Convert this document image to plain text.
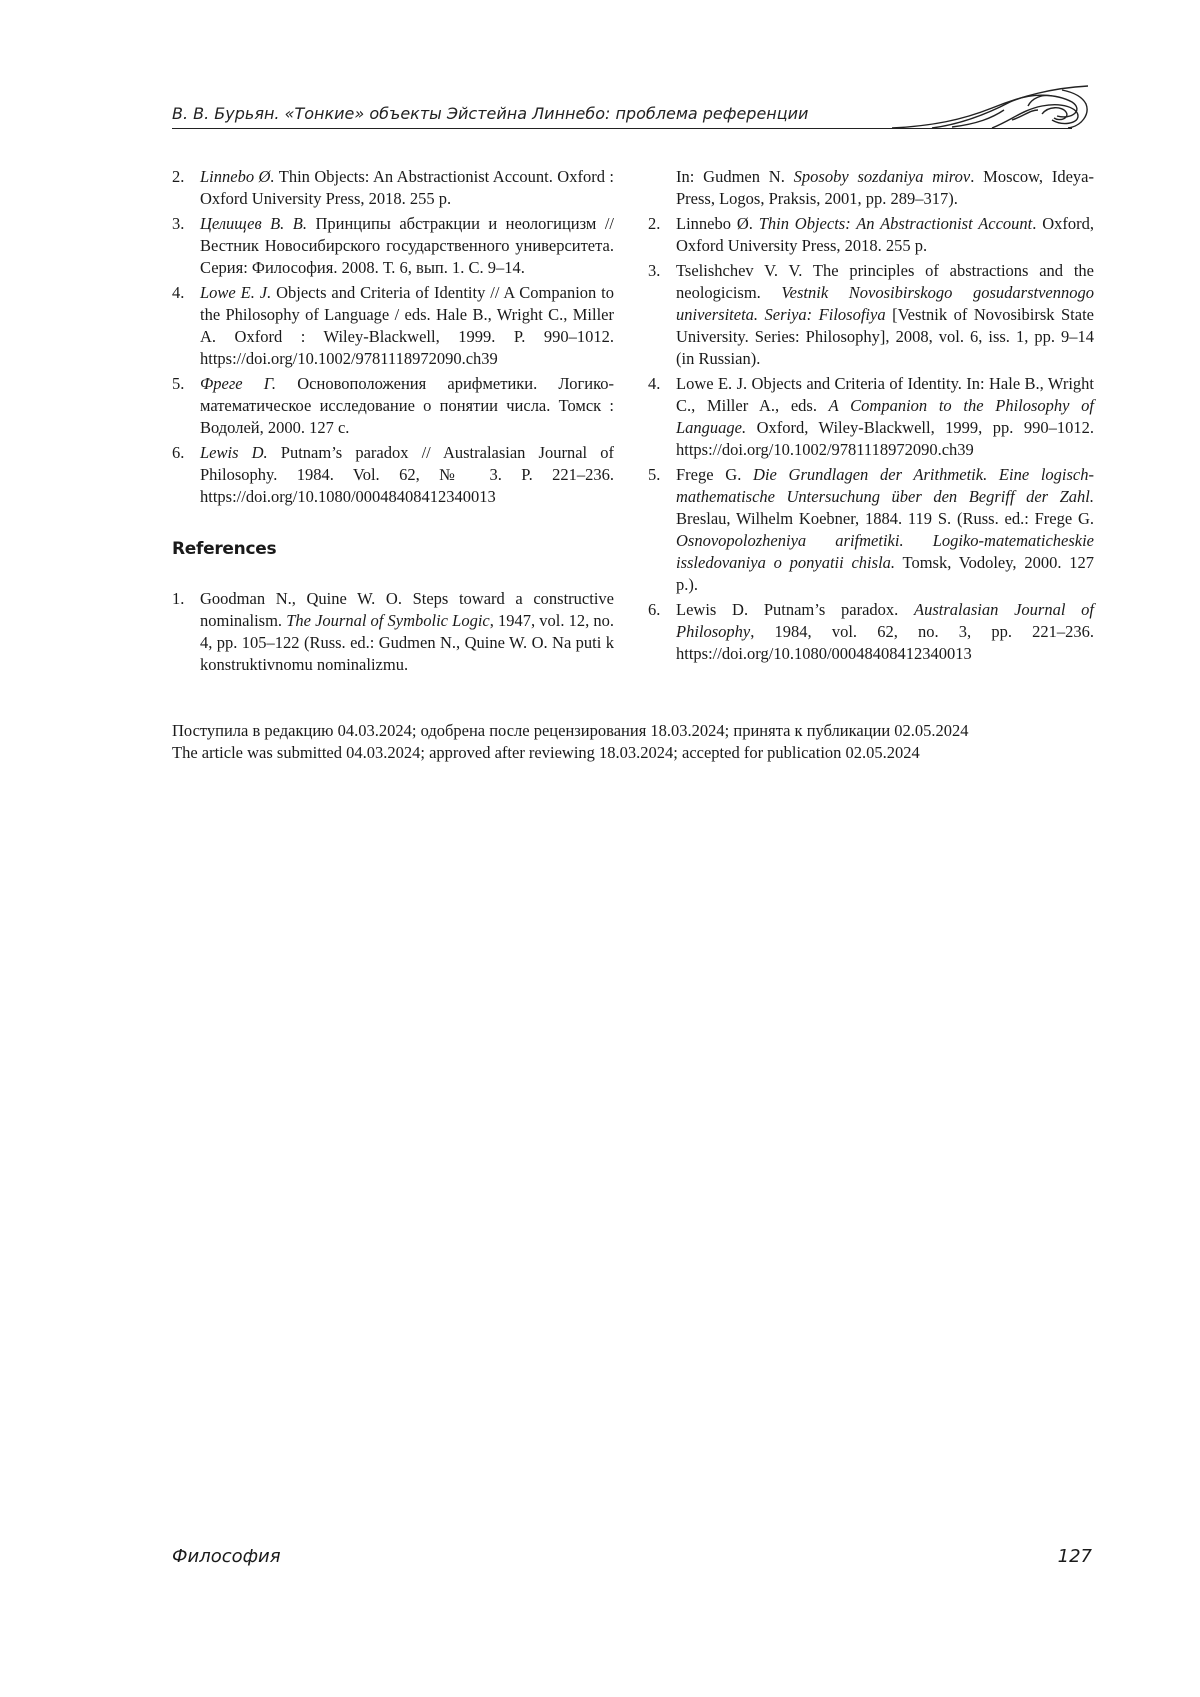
В. В. Бурьян. «Тонкие» объекты Эйстейна Линнебо: проблема референции
2. Linnebo Ø. Thin Objects: An Abstractionist Account. Oxford : Oxford University Press, 2018. 255 p.
3. Целищев В. В. Принципы абстракции и неологицизм // Вестник Новосибирского государственного университета. Серия: Философия. 2008. Т. 6, вып. 1. С. 9–14.
4. Lowe E. J. Objects and Criteria of Identity // A Companion to the Philosophy of Language / eds. Hale B., Wright C., Miller A. Oxford : Wiley-Blackwell, 1999. P. 990–1012. https://doi.org/10.1002/9781118972090.ch39
5. Фреге Г. Основоположения арифметики. Логико-математическое исследование о понятии числа. Томск : Водолей, 2000. 127 с.
6. Lewis D. Putnam’s paradox // Australasian Journal of Philosophy. 1984. Vol. 62, № 3. P. 221–236. https://doi.org/10.1080/00048408412340013
References
1. Goodman N., Quine W. O. Steps toward a constructive nominalism. The Journal of Symbolic Logic, 1947, vol. 12, no. 4, pp. 105–122 (Russ. ed.: Gudmen N., Quine W. O. Na puti k konstruktivnomu nominalizmu.
In: Gudmen N. Sposoby sozdaniya mirov. Moscow, Ideya-Press, Logos, Praksis, 2001, pp. 289–317).
2. Linnebo Ø. Thin Objects: An Abstractionist Account. Oxford, Oxford University Press, 2018. 255 p.
3. Tselishchev V. V. The principles of abstractions and the neologicism. Vestnik Novosibirskogo gosudarstvennogo universiteta. Seriya: Filosofiya [Vestnik of Novosibirsk State University. Series: Philosophy], 2008, vol. 6, iss. 1, pp. 9–14 (in Russian).
4. Lowe E. J. Objects and Criteria of Identity. In: Hale B., Wright C., Miller A., eds. A Companion to the Philosophy of Language. Oxford, Wiley-Blackwell, 1999, pp. 990–1012. https://doi.org/10.1002/9781118972090.ch39
5. Frege G. Die Grundlagen der Arithmetik. Eine logisch-mathematische Untersuchung über den Begriff der Zahl. Breslau, Wilhelm Koebner, 1884. 119 S. (Russ. ed.: Frege G. Osnovopolozheniya arifmetiki. Logiko-matematicheskie issledovaniya o ponyatii chisla. Tomsk, Vodoley, 2000. 127 p.).
6. Lewis D. Putnam’s paradox. Australasian Journal of Philosophy, 1984, vol. 62, no. 3, pp. 221–236. https://doi.org/10.1080/00048408412340013
Поступила в редакцию 04.03.2024; одобрена после рецензирования 18.03.2024; принята к публикации 02.05.2024
The article was submitted 04.03.2024; approved after reviewing 18.03.2024; accepted for publication 02.05.2024
Философия	127
